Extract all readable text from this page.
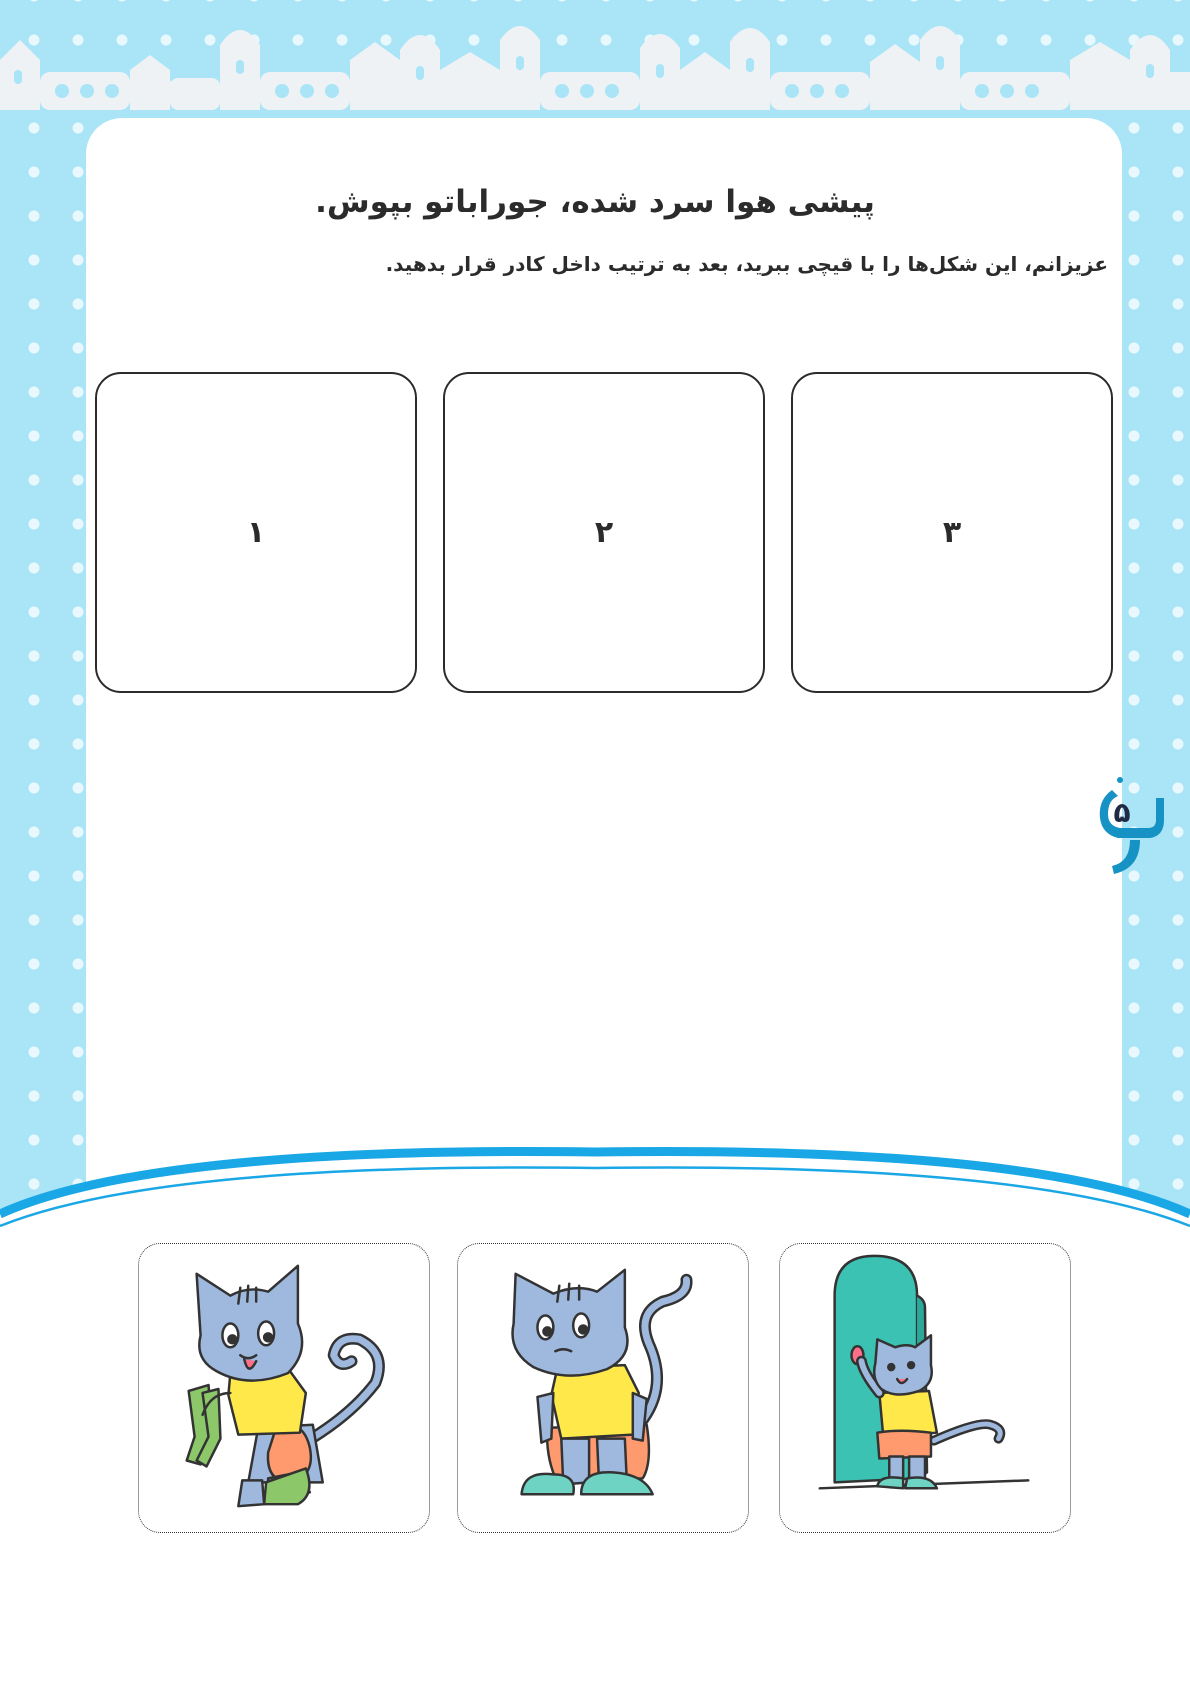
پیشی هوا سرد شده، جوراباتو بپوش.
عزیزانم، این شکل‌ها را با قیچی ببرید، بعد به ترتیب داخل کادر قرار بدهید.
۱	۲	۳
۵
